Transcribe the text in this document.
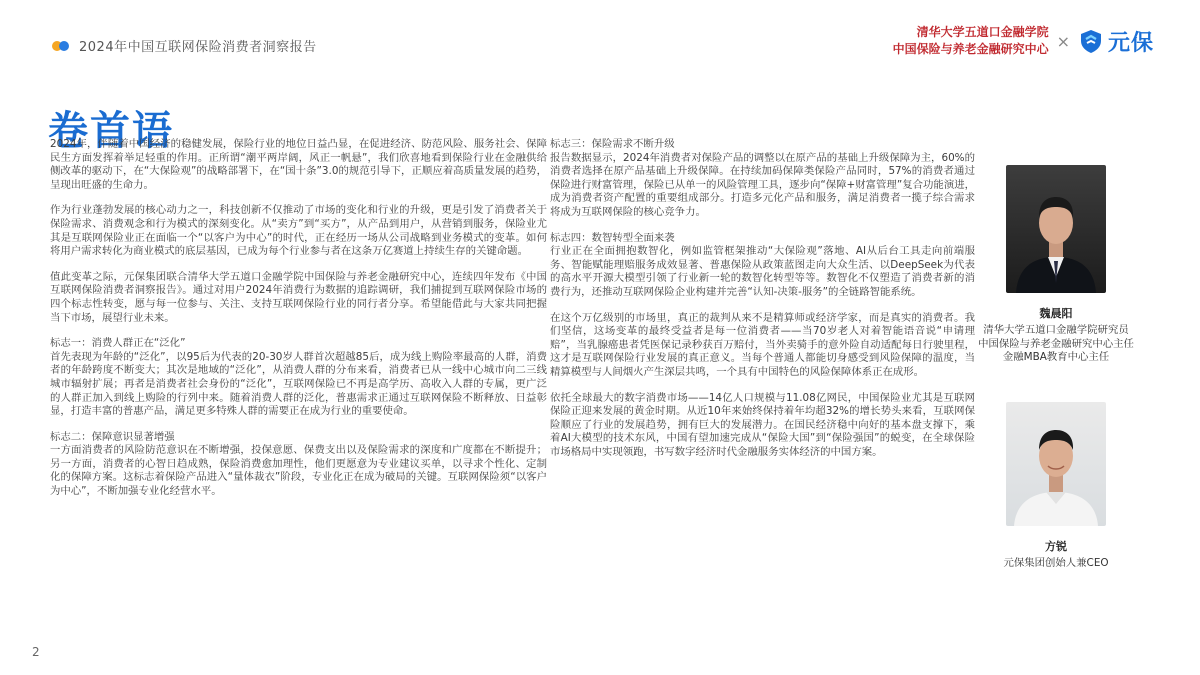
2024年中国互联网保险消费者洞察报告
清华大学五道口金融学院
中国保险与养老金融研究中心 × 元保
卷首语

2024年，伴随着中国经济的稳健发展，保险行业的地位日益凸显，在促进经济、防范风险、服务社会、保障民生方面发挥着举足轻重的作用。正所谓“潮平两岸阔，风正一帆悬”，我们欣喜地看到保险行业在金融供给侧改革的驱动下，在“大保险观”的战略部署下，在“国十条”3.0的规范引导下，正顺应着高质量发展的趋势，呈现出旺盛的生命力。

作为行业蓬勃发展的核心动力之一，科技创新不仅推动了市场的变化和行业的升级，更是引发了消费者关于保险需求、消费观念和行为模式的深刻变化。从“卖方”到“买方”，从产品到用户，从营销到服务，保险业尤其是互联网保险业正在面临一个“以客户为中心”的时代，正在经历一场从公司战略到业务模式的变革。如何将用户需求转化为商业模式的底层基因，已成为每个行业参与者在这条万亿赛道上持续生存的关键命题。

值此变革之际，元保集团联合清华大学五道口金融学院中国保险与养老金融研究中心，连续四年发布《中国互联网保险消费者洞察报告》。通过对用户2024年消费行为数据的追踪调研，我们捕捉到互联网保险市场的四个标志性转变，愿与每一位参与、关注、支持互联网保险行业的同行者分享。希望能借此与大家共同把握当下市场，展望行业未来。

标志一：消费人群正在“泛化”

首先表现为年龄的“泛化”，以95后为代表的20-30岁人群首次超越85后，成为线上购险率最高的人群，消费者的年龄跨度不断变大；其次是地域的“泛化”，从消费人群的分布来看，消费者已从一线中心城市向二三线城市辐射扩展；再者是消费者社会身份的“泛化”，互联网保险已不再是高学历、高收入人群的专属，更广泛的人群正加入到线上购险的行列中来。随着消费人群的泛化，普惠需求正通过互联网保险不断释放、日益彰显，打造丰富的普惠产品，满足更多特殊人群的需要正在成为行业的重要使命。

标志二：保障意识显著增强

一方面消费者的风险防范意识在不断增强，投保意愿、保费支出以及保险需求的深度和广度都在不断提升；另一方面，消费者的心智日趋成熟，保险消费愈加理性，他们更愿意为专业建议买单，以寻求个性化、定制化的保障方案。这标志着保险产品进入“量体裁衣”阶段，专业化正在成为破局的关键。互联网保险须“以客户为中心”，不断加强专业化经营水平。

标志三：保险需求不断升级

报告数据显示，2024年消费者对保险产品的调整以在原产品的基础上升级保障为主，60%的消费者选择在原产品基础上升级保障。在持续加码保障类保险产品同时，57%的消费者通过保险进行财富管理，保险已从单一的风险管理工具，逐步向“保障+财富管理”复合功能演进，成为消费者资产配置的重要组成部分。打造多元化产品和服务，满足消费者一揽子综合需求将成为互联网保险的核心竞争力。

标志四：数智转型全面来袭

行业正在全面拥抱数智化，例如监管框架推动“大保险观”落地、AI从后台工具走向前端服务、智能赋能理赔服务成效显著、普惠保险从政策蓝图走向大众生活、以DeepSeek为代表的高水平开源大模型引领了行业新一轮的数智化转型等等。数智化不仅塑造了消费者新的消费行为，还推动互联网保险企业构建并完善“认知-决策-服务”的全链路智能系统。

在这个万亿级别的市场里，真正的裁判从来不是精算师或经济学家，而是真实的消费者。我们坚信，这场变革的最终受益者是每一位消费者——当70岁老人对着智能语音说“申请理赔”，当乳腺癌患者凭医保记录秒获百万赔付，当外卖骑手的意外险自动适配每日行驶里程，这才是互联网保险行业发展的真正意义。当每个普通人都能切身感受到风险保障的温度，当精算模型与人间烟火产生深层共鸣，一个具有中国特色的风险保障体系正在成形。

依托全球最大的数字消费市场——14亿人口规模与11.08亿网民，中国保险业尤其是互联网保险正迎来发展的黄金时期。从近10年来始终保持着年均超32%的增长势头来看，互联网保险顺应了行业的发展趋势，拥有巨大的发展潜力。在国民经济稳中向好的基本盘支撑下，乘着AI大模型的技术东风，中国有望加速完成从“保险大国”到“保险强国”的蜕变，在全球保险市场格局中实现领跑，书写数字经济时代金融服务实体经济的中国方案。

魏晨阳
清华大学五道口金融学院研究员
中国保险与养老金融研究中心主任
金融MBA教育中心主任
方锐
元保集团创始人兼CEO
2
